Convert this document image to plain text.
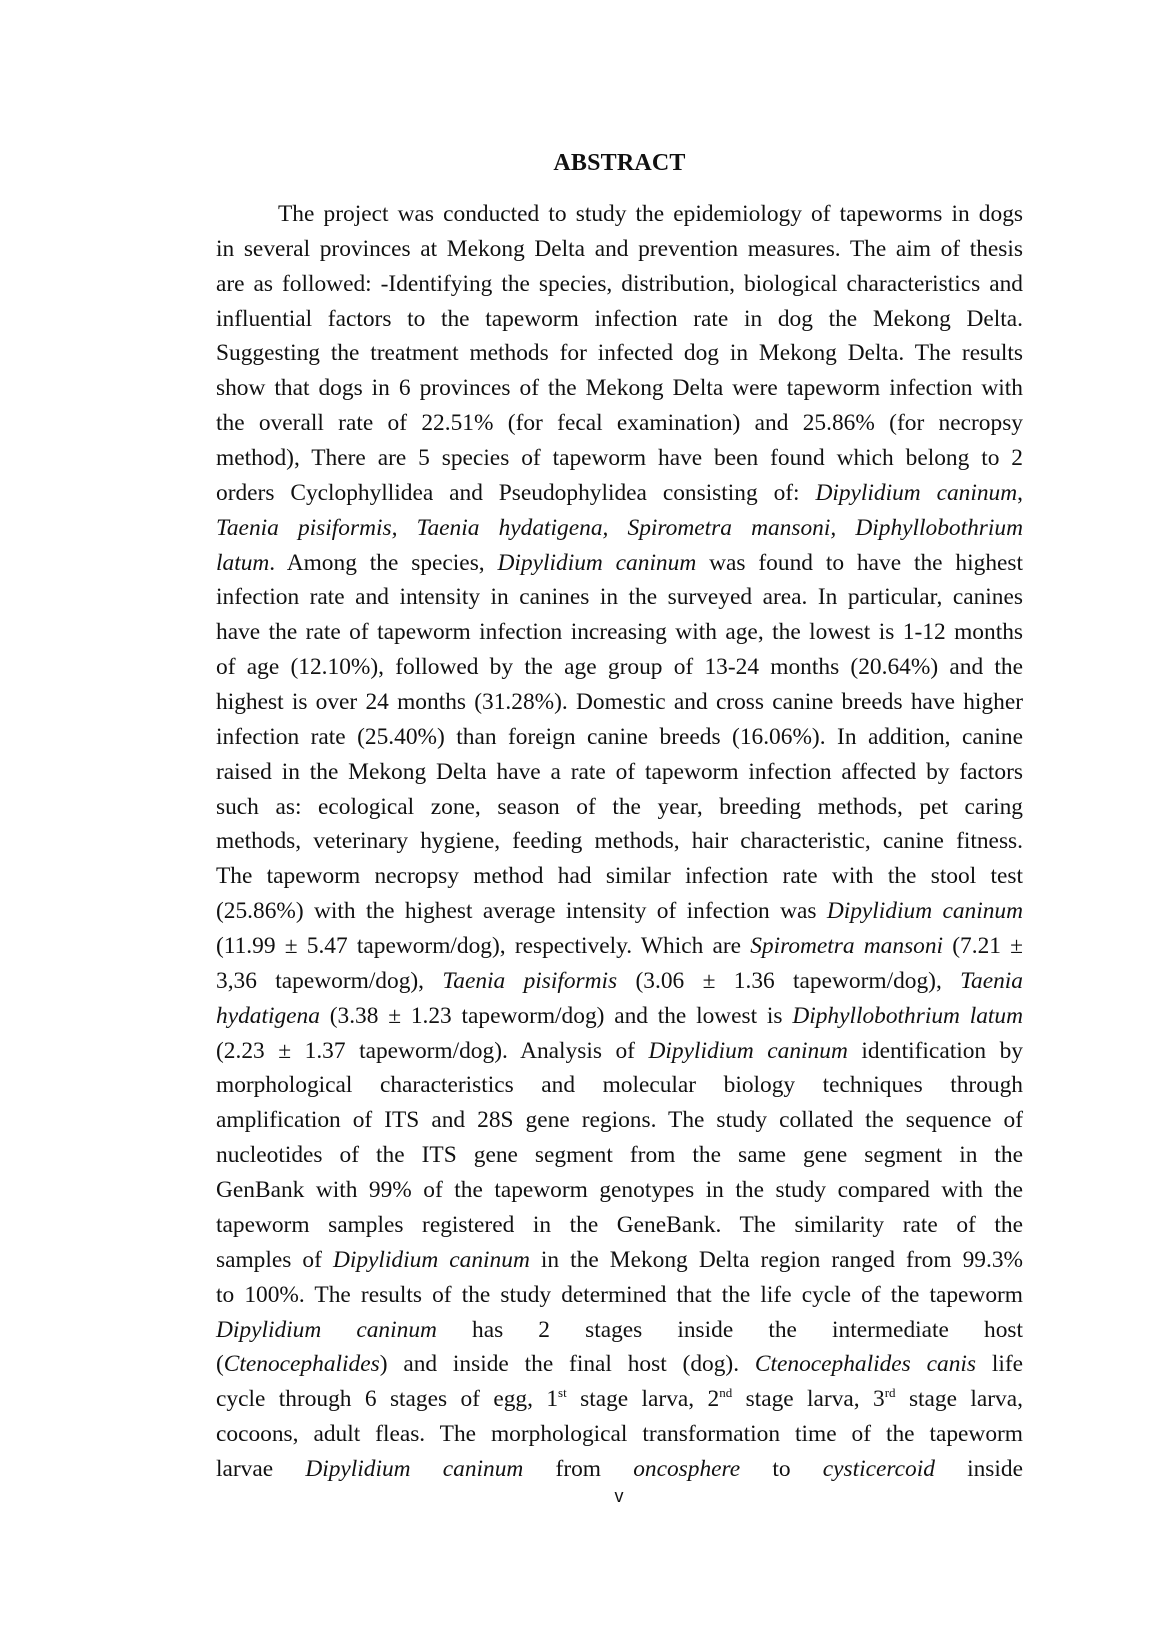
ABSTRACT
The project was conducted to study the epidemiology of tapeworms in dogs
in several provinces at Mekong Delta and prevention measures. The aim of thesis
are as followed: -Identifying the species, distribution, biological characteristics and
influential factors to the tapeworm infection rate in dog the Mekong Delta.
Suggesting the treatment methods for infected dog in Mekong Delta. The results
show that dogs in 6 provinces of the Mekong Delta were tapeworm infection with
the overall rate of 22.51% (for fecal examination) and 25.86% (for necropsy
method), There are 5 species of tapeworm have been found which belong to 2
orders Cyclophyllidea and Pseudophylidea consisting of: Dipylidium caninum,
Taenia pisiformis, Taenia hydatigena, Spirometra mansoni, Diphyllobothrium
latum. Among the species, Dipylidium caninum was found to have the highest
infection rate and intensity in canines in the surveyed area. In particular, canines
have the rate of tapeworm infection increasing with age, the lowest is 1-12 months
of age (12.10%), followed by the age group of 13-24 months (20.64%) and the
highest is over 24 months (31.28%). Domestic and cross canine breeds have higher
infection rate (25.40%) than foreign canine breeds (16.06%). In addition, canine
raised in the Mekong Delta have a rate of tapeworm infection affected by factors
such as: ecological zone, season of the year, breeding methods, pet caring
methods, veterinary hygiene, feeding methods, hair characteristic, canine fitness.
The tapeworm necropsy method had similar infection rate with the stool test
(25.86%) with the highest average intensity of infection was Dipylidium caninum
(11.99 ± 5.47 tapeworm/dog), respectively. Which are Spirometra mansoni (7.21 ±
3,36 tapeworm/dog), Taenia pisiformis (3.06 ± 1.36 tapeworm/dog), Taenia
hydatigena (3.38 ± 1.23 tapeworm/dog) and the lowest is Diphyllobothrium latum
(2.23 ± 1.37 tapeworm/dog). Analysis of Dipylidium caninum identification by
morphological characteristics and molecular biology techniques through
amplification of ITS and 28S gene regions. The study collated the sequence of
nucleotides of the ITS gene segment from the same gene segment in the
GenBank with 99% of the tapeworm genotypes in the study compared with the
tapeworm samples registered in the GeneBank. The similarity rate of the
samples of Dipylidium caninum in the Mekong Delta region ranged from 99.3%
to 100%. The results of the study determined that the life cycle of the tapeworm
Dipylidium caninum has 2 stages inside the intermediate host
(Ctenocephalides) and inside the final host (dog). Ctenocephalides canis life
cycle through 6 stages of egg, 1st stage larva, 2nd stage larva, 3rd stage larva,
cocoons, adult fleas. The morphological transformation time of the tapeworm
larvae Dipylidium caninum from oncosphere to cysticercoid inside
v
